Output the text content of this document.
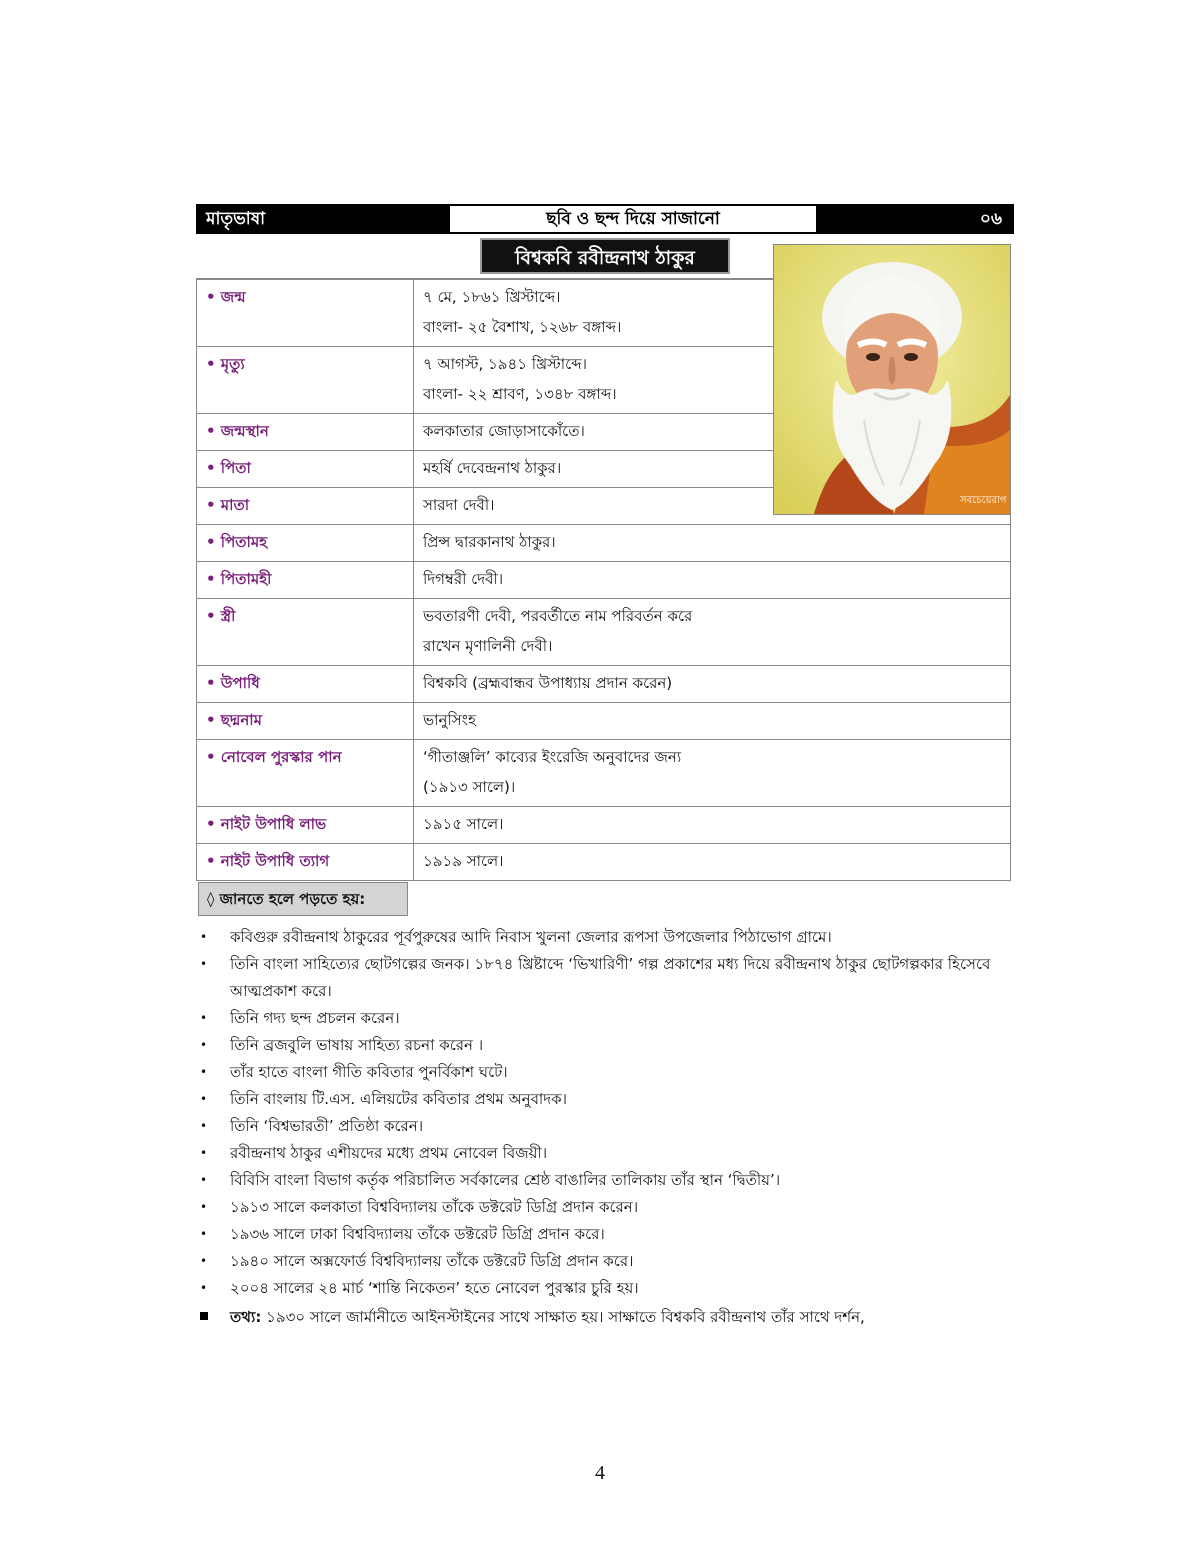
মাতৃভাষা	ছবি ও ছন্দ দিয়ে সাজানো	০৬
বিশ্বকবি রবীন্দ্রনাথ ঠাকুর
সবচেয়েরাগ
• জন্ম	৭ মে, ১৮৬১ খ্রিস্টাব্দে।
বাংলা- ২৫ বৈশাখ, ১২৬৮ বঙ্গাব্দ।

• মৃত্যু	৭ আগস্ট, ১৯৪১ খ্রিস্টাব্দে।
বাংলা- ২২ শ্রাবণ, ১৩৪৮ বঙ্গাব্দ।

• জন্মস্থান	কলকাতার জোড়াসাকোঁতে।

• পিতা	মহর্ষি দেবেন্দ্রনাথ ঠাকুর।

• মাতা	সারদা দেবী।

• পিতামহ	প্রিন্স দ্বারকানাথ ঠাকুর।

• পিতামহী	দিগম্বরী দেবী।

• স্ত্রী	ভবতারণী দেবী, পরবর্তীতে নাম পরিবর্তন করে
রাখেন মৃণালিনী দেবী।

• উপাধি	বিশ্বকবি (ব্রহ্মবান্ধব উপাধ্যায় প্রদান করেন)

• ছদ্মনাম	ভানুসিংহ

• নোবেল পুরস্কার পান	‘গীতাঞ্জলি’ কাব্যের ইংরেজি অনুবাদের জন্য
(১৯১৩ সালে)।

• নাইট উপাধি লাভ	১৯১৫ সালে।

• নাইট উপাধি ত্যাগ	১৯১৯ সালে।
◊ জানতে হলে পড়তে হয়:
• কবিগুরু রবীন্দ্রনাথ ঠাকুরের পূর্বপুরুষের আদি নিবাস খুলনা জেলার রূপসা উপজেলার পিঠাভোগ গ্রামে।
• তিনি বাংলা সাহিত্যের ছোটগল্পের জনক। ১৮৭৪ খ্রিষ্টাব্দে ‘ভিখারিণী’ গল্প প্রকাশের মধ্য দিয়ে রবীন্দ্রনাথ ঠাকুর ছোটগল্পকার হিসেবে আত্মপ্রকাশ করে।
• তিনি গদ্য ছন্দ প্রচলন করেন।
• তিনি ব্রজবুলি ভাষায় সাহিত্য রচনা করেন ।
• তাঁর হাতে বাংলা গীতি কবিতার পুনর্বিকাশ ঘটে।
• তিনি বাংলায় টি.এস. এলিয়টের কবিতার প্রথম অনুবাদক।
• তিনি ‘বিশ্বভারতী’ প্রতিষ্ঠা করেন।
• রবীন্দ্রনাথ ঠাকুর এশীয়দের মধ্যে প্রথম নোবেল বিজয়ী।
• বিবিসি বাংলা বিভাগ কর্তৃক পরিচালিত সর্বকালের শ্রেষ্ঠ বাঙালির তালিকায় তাঁর স্থান ‘দ্বিতীয়’।
• ১৯১৩ সালে কলকাতা বিশ্ববিদ্যালয় তাঁকে ডক্টরেট ডিগ্রি প্রদান করেন।
• ১৯৩৬ সালে ঢাকা বিশ্ববিদ্যালয় তাঁকে ডক্টরেট ডিগ্রি প্রদান করে।
• ১৯৪০ সালে অক্সফোর্ড বিশ্ববিদ্যালয় তাঁকে ডক্টরেট ডিগ্রি প্রদান করে।
• ২০০৪ সালের ২৪ মার্চ ‘শান্তি নিকেতন’ হতে নোবেল পুরস্কার চুরি হয়।
তথ্য: ১৯৩০ সালে জার্মানীতে আইনস্টাইনের সাথে সাক্ষাত হয়। সাক্ষাতে বিশ্বকবি রবীন্দ্রনাথ তাঁর সাথে দর্শন,
4
